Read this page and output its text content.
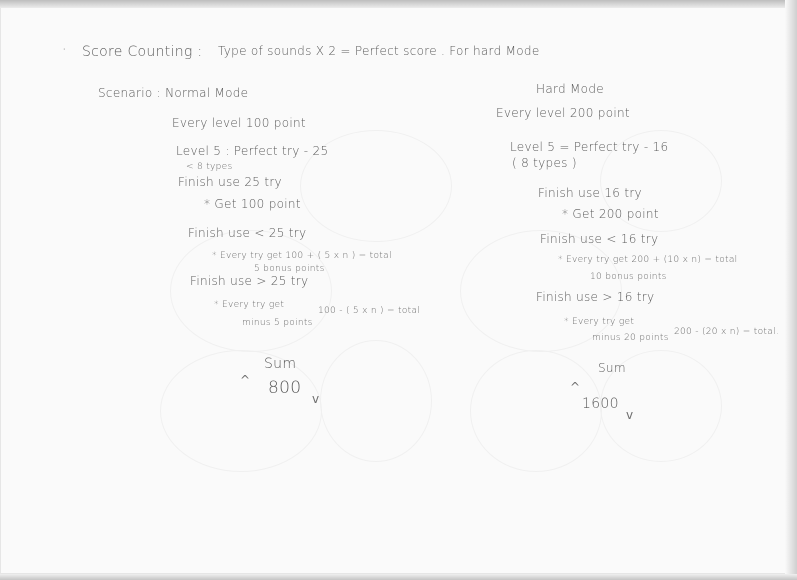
· Score Counting : Type of sounds X 2 = Perfect score . For hard Mode
Scenario : Normal Mode
Every level 100 point
Level 5 : Perfect try - 25
< 8 types
Finish use 25 try
* Get 100 point
Finish use < 25 try
* Every try get 100 + ( 5 x n ) = total
5 bonus points
Finish use > 25 try
* Every try get
minus 5 points
100 - ( 5 x n ) = total
Sum
^ 800
v
Hard Mode
Every level 200 point
Level 5 = Perfect try - 16
( 8 types )
Finish use 16 try
* Get 200 point
Finish use < 16 try
* Every try get 200 + (10 x n) = total
10 bonus points
Finish use > 16 try
* Every try get
minus 20 points
200 - (20 x n) = total.
Sum
^
1600
v
